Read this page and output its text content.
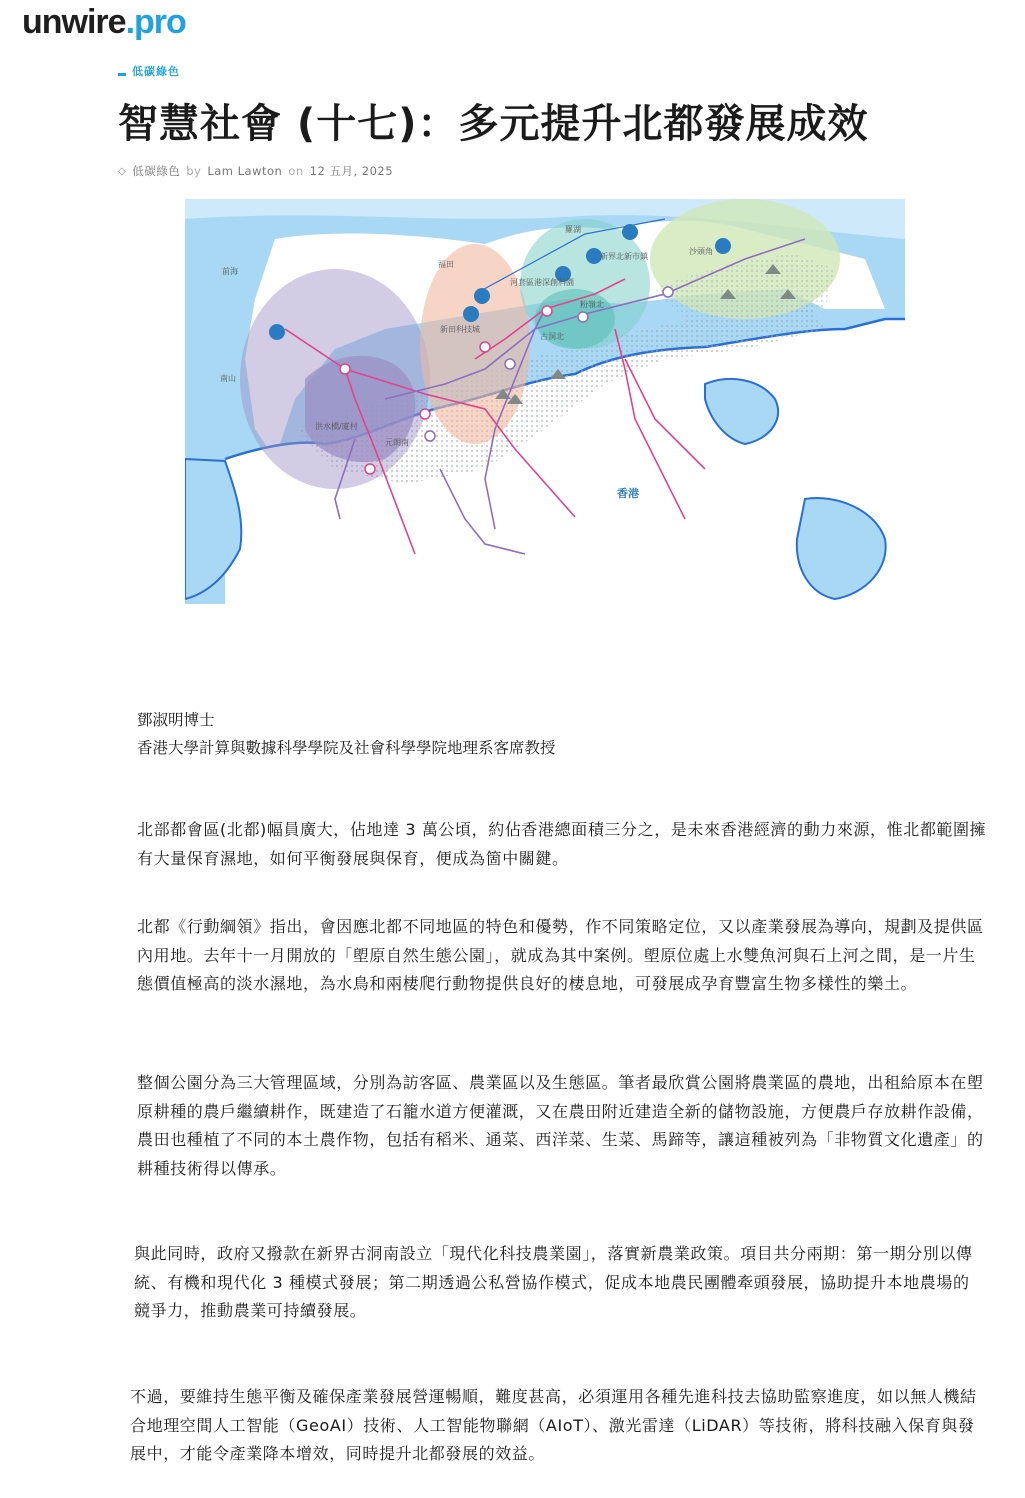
unwire .pro
低碳綠色
智慧社會 (十七)：多元提升北都發展成效
◇ 低碳綠色 by Lam Lawton on 12 五月, 2025
前海
南山
福田
羅湖
沙頭角
洪水橋/廈村
元朗南
新田科技城
河套區港深創科園
新界北新市鎮
粉嶺北
古洞北
香港
鄧淑明博士
香港大學計算與數據科學學院及社會科學學院地理系客席教授

北部都會區(北都)幅員廣大，佔地達 3 萬公頃，約佔香港總面積三分之，是未來香港經濟的動力來源，惟北都範圍擁有大量保育濕地，如何平衡發展與保育，便成為箇中關鍵。

北都《行動綱領》指出，會因應北都不同地區的特色和優勢，作不同策略定位，又以產業發展為導向，規劃及提供區內用地。去年十一月開放的「塱原自然生態公園」，就成為其中案例。塱原位處上水雙魚河與石上河之間，是一片生態價值極高的淡水濕地，為水鳥和兩棲爬行動物提供良好的棲息地，可發展成孕育豐富生物多樣性的樂土。

整個公園分為三大管理區域，分別為訪客區、農業區以及生態區。筆者最欣賞公園將農業區的農地，出租給原本在塱原耕種的農戶繼續耕作，既建造了石籠水道方便灌溉，又在農田附近建造全新的儲物設施，方便農戶存放耕作設備，農田也種植了不同的本土農作物，包括有稻米、通菜、西洋菜、生菜、馬蹄等，讓這種被列為「非物質文化遺產」的耕種技術得以傳承。

與此同時，政府又撥款在新界古洞南設立「現代化科技農業園」，落實新農業政策。項目共分兩期：第一期分別以傳統、有機和現代化 3 種模式發展；第二期透過公私營協作模式，促成本地農民團體牽頭發展，協助提升本地農場的競爭力，推動農業可持續發展。

不過，要維持生態平衡及確保產業發展營運暢順，難度甚高，必須運用各種先進科技去協助監察進度，如以無人機結合地理空間人工智能（GeoAI）技術、人工智能物聯網（AIoT）、激光雷達（LiDAR）等技術，將科技融入保育與發展中，才能令產業降本增效，同時提升北都發展的效益。
